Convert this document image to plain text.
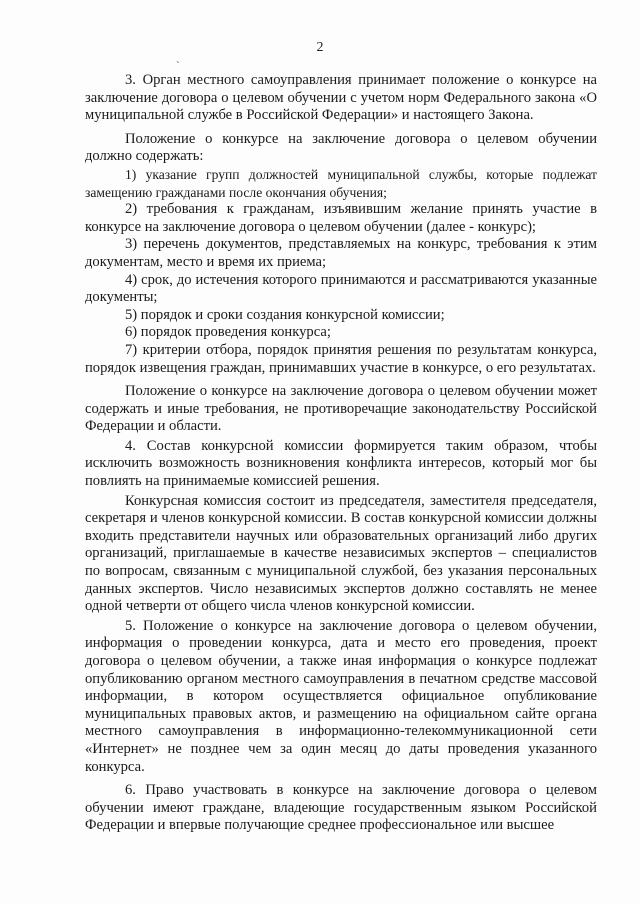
2
`

3. Орган местного самоуправления принимает положение о конкурсе на заключение договора о целевом обучении с учетом норм Федерального закона «О муниципальной службе в Российской Федерации» и настоящего Закона.

Положение о конкурсе на заключение договора о целевом обучении должно содержать:

1) указание групп должностей муниципальной службы, которые подлежат замещению гражданами после окончания обучения;

2) требования к гражданам, изъявившим желание принять участие в конкурсе на заключение договора о целевом обучении (далее - конкурс);

3) перечень документов, представляемых на конкурс, требования к этим документам, место и время их приема;

4) срок, до истечения которого принимаются и рассматриваются указанные документы;

5) порядок и сроки создания конкурсной комиссии;

6) порядок проведения конкурса;

7) критерии отбора, порядок принятия решения по результатам конкурса, порядок извещения граждан, принимавших участие в конкурсе, о его результатах.

Положение о конкурсе на заключение договора о целевом обучении может содержать и иные требования, не противоречащие законодательству Российской Федерации и области.

4. Состав конкурсной комиссии формируется таким образом, чтобы исключить возможность возникновения конфликта интересов, который мог бы повлиять на принимаемые комиссией решения.

Конкурсная комиссия состоит из председателя, заместителя председателя, секретаря и членов конкурсной комиссии. В состав конкурсной комиссии должны входить представители научных или образовательных организаций либо других организаций, приглашаемые в качестве независимых экспертов – специалистов по вопросам, связанным с муниципальной службой, без указания персональных данных экспертов. Число независимых экспертов должно составлять не менее одной четверти от общего числа членов конкурсной комиссии.

5. Положение о конкурсе на заключение договора о целевом обучении, информация о проведении конкурса, дата и место его проведения, проект договора о целевом обучении, а также иная информация о конкурсе подлежат опубликованию органом местного самоуправления в печатном средстве массовой информации, в котором осуществляется официальное опубликование муниципальных правовых актов, и размещению на официальном сайте органа местного самоуправления в информационно-телекоммуникационной сети «Интернет» не позднее чем за один месяц до даты проведения указанного конкурса.

6. Право участвовать в конкурсе на заключение договора о целевом обучении имеют граждане, владеющие государственным языком Российской Федерации и впервые получающие среднее профессиональное или высшее
